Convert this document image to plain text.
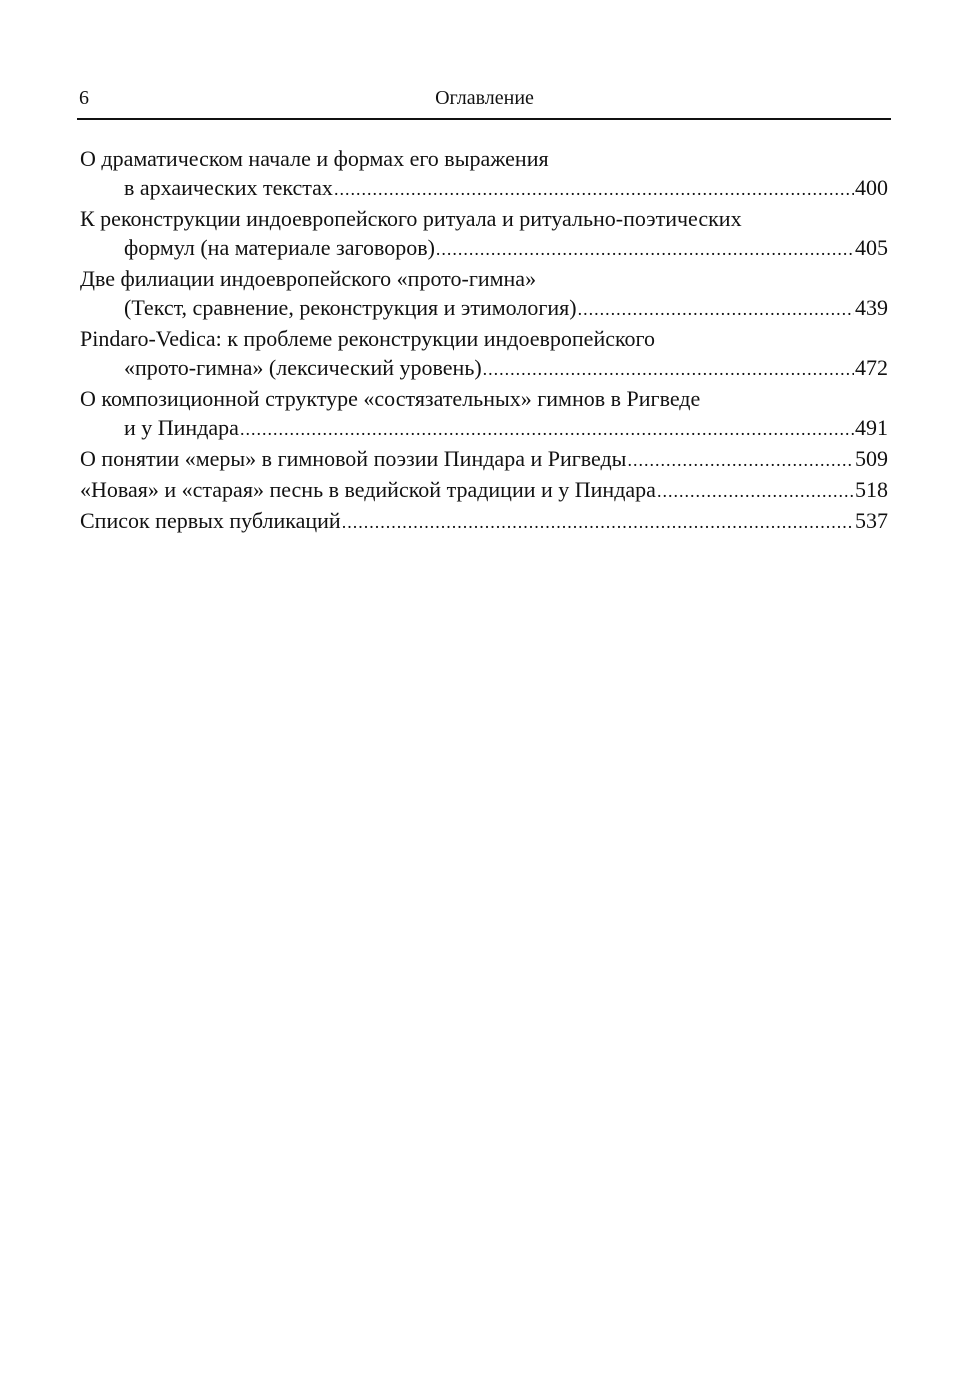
6	Оглавление
О драматическом начале и формах его выражения
в архаических текстах .....	400
К реконструкции индоевропейского ритуала и ритуально-поэтических
формул (на материале заговоров) .....	405
Две филиации индоевропейского «прото-гимна»
(Текст, сравнение, реконструкция и этимология) .....	439
Pindaro-Vedica: к проблеме реконструкции индоевропейского
«прото-гимна» (лексический уровень) .....	472
О композиционной структуре «состязательных» гимнов в Ригведе
и у Пиндара .....	491
О понятии «меры» в гимновой поэзии Пиндара и Ригведы .....	509
«Новая» и «старая» песнь в ведийской традиции и у Пиндара .....	518
Список первых публикаций .....	537
